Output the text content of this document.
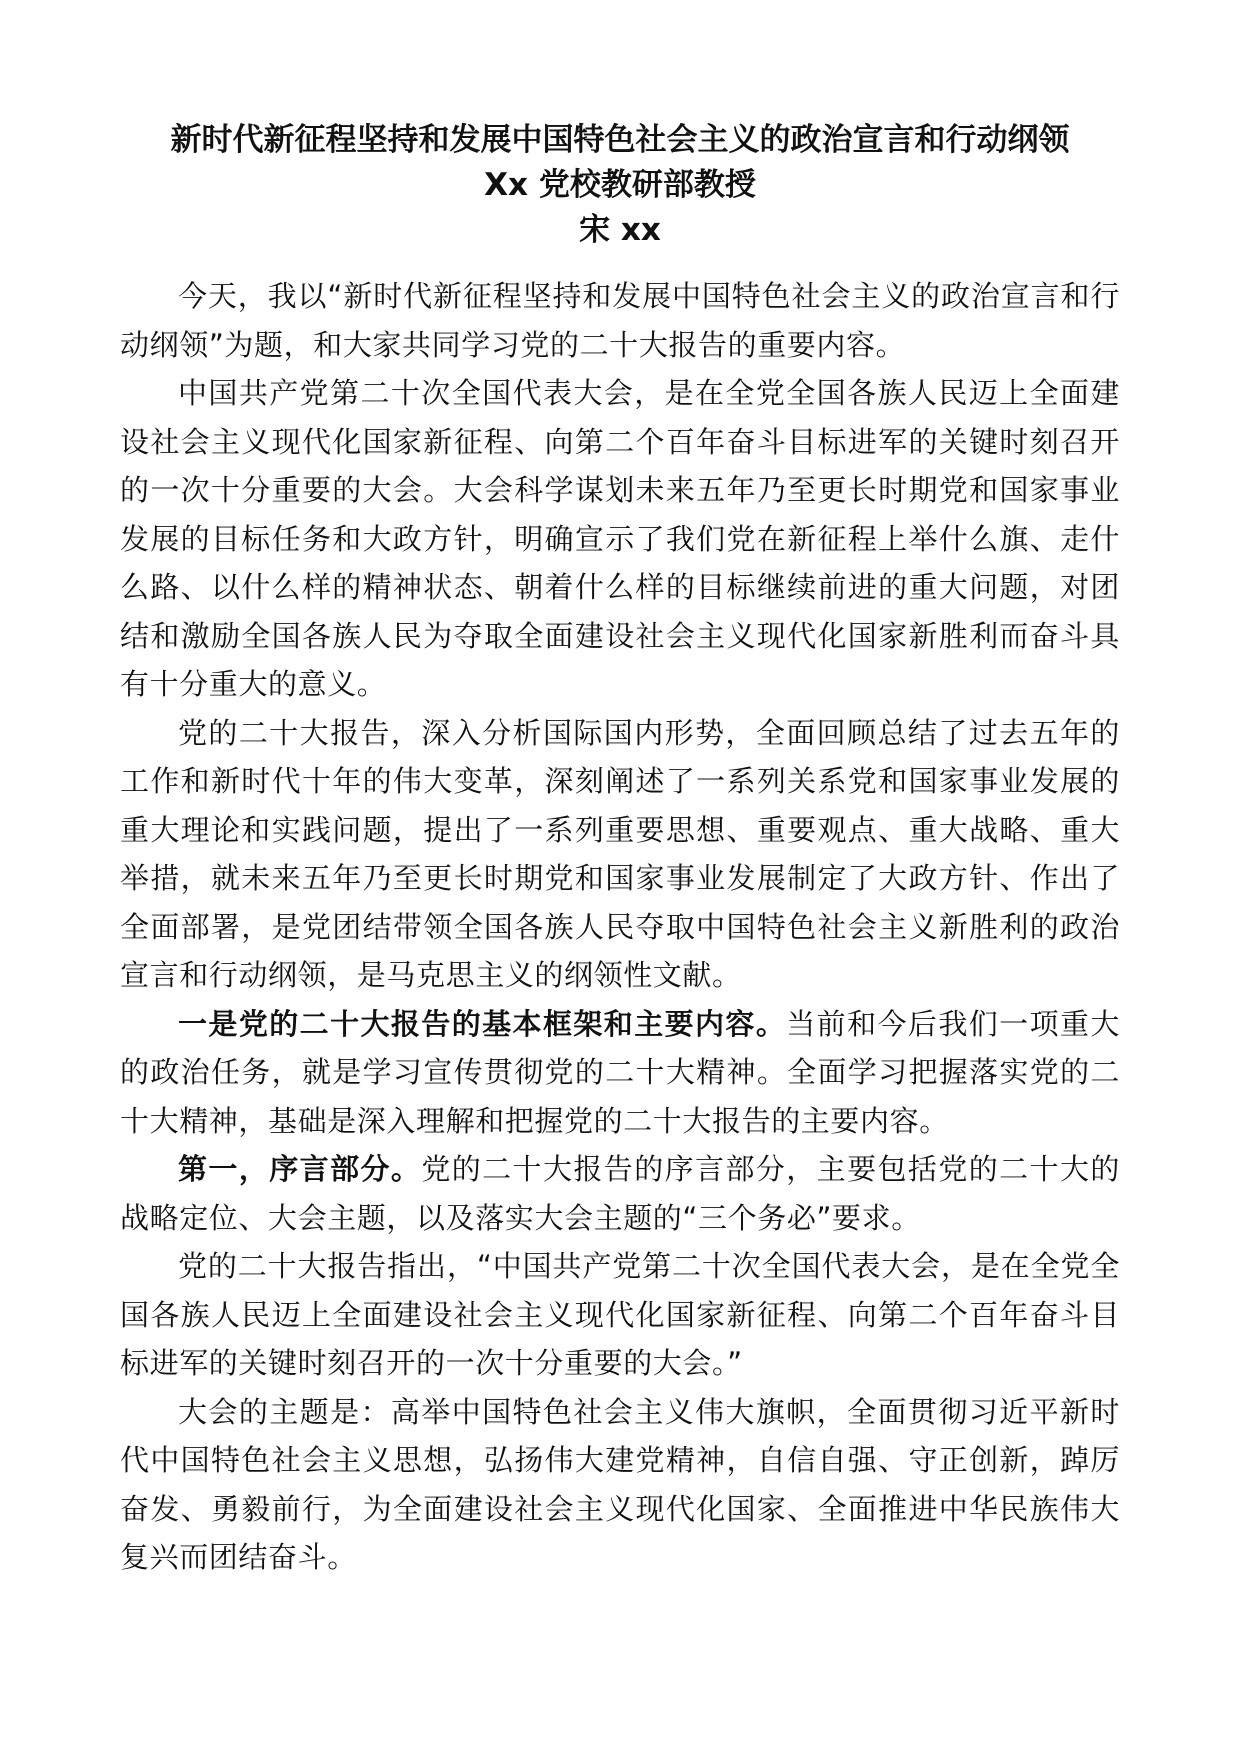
新时代新征程坚持和发展中国特色社会主义的政治宣言和行动纲领
Xx 党校教研部教授
宋 xx

今天，我以“新时代新征程坚持和发展中国特色社会主义的政治宣言和行动纲领”为题，和大家共同学习党的二十大报告的重要内容。

中国共产党第二十次全国代表大会，是在全党全国各族人民迈上全面建设社会主义现代化国家新征程、向第二个百年奋斗目标进军的关键时刻召开的一次十分重要的大会。大会科学谋划未来五年乃至更长时期党和国家事业发展的目标任务和大政方针，明确宣示了我们党在新征程上举什么旗、走什么路、以什么样的精神状态、朝着什么样的目标继续前进的重大问题，对团结和激励全国各族人民为夺取全面建设社会主义现代化国家新胜利而奋斗具有十分重大的意义。

党的二十大报告，深入分析国际国内形势，全面回顾总结了过去五年的工作和新时代十年的伟大变革，深刻阐述了一系列关系党和国家事业发展的重大理论和实践问题，提出了一系列重要思想、重要观点、重大战略、重大举措，就未来五年乃至更长时期党和国家事业发展制定了大政方针、作出了全面部署，是党团结带领全国各族人民夺取中国特色社会主义新胜利的政治宣言和行动纲领，是马克思主义的纲领性文献。

一是党的二十大报告的基本框架和主要内容。当前和今后我们一项重大的政治任务，就是学习宣传贯彻党的二十大精神。全面学习把握落实党的二十大精神，基础是深入理解和把握党的二十大报告的主要内容。

第一，序言部分。党的二十大报告的序言部分，主要包括党的二十大的战略定位、大会主题，以及落实大会主题的“三个务必”要求。

党的二十大报告指出，“中国共产党第二十次全国代表大会，是在全党全国各族人民迈上全面建设社会主义现代化国家新征程、向第二个百年奋斗目标进军的关键时刻召开的一次十分重要的大会。”

大会的主题是：高举中国特色社会主义伟大旗帜，全面贯彻习近平新时代中国特色社会主义思想，弘扬伟大建党精神，自信自强、守正创新，踔厉奋发、勇毅前行，为全面建设社会主义现代化国家、全面推进中华民族伟大复兴而团结奋斗。
